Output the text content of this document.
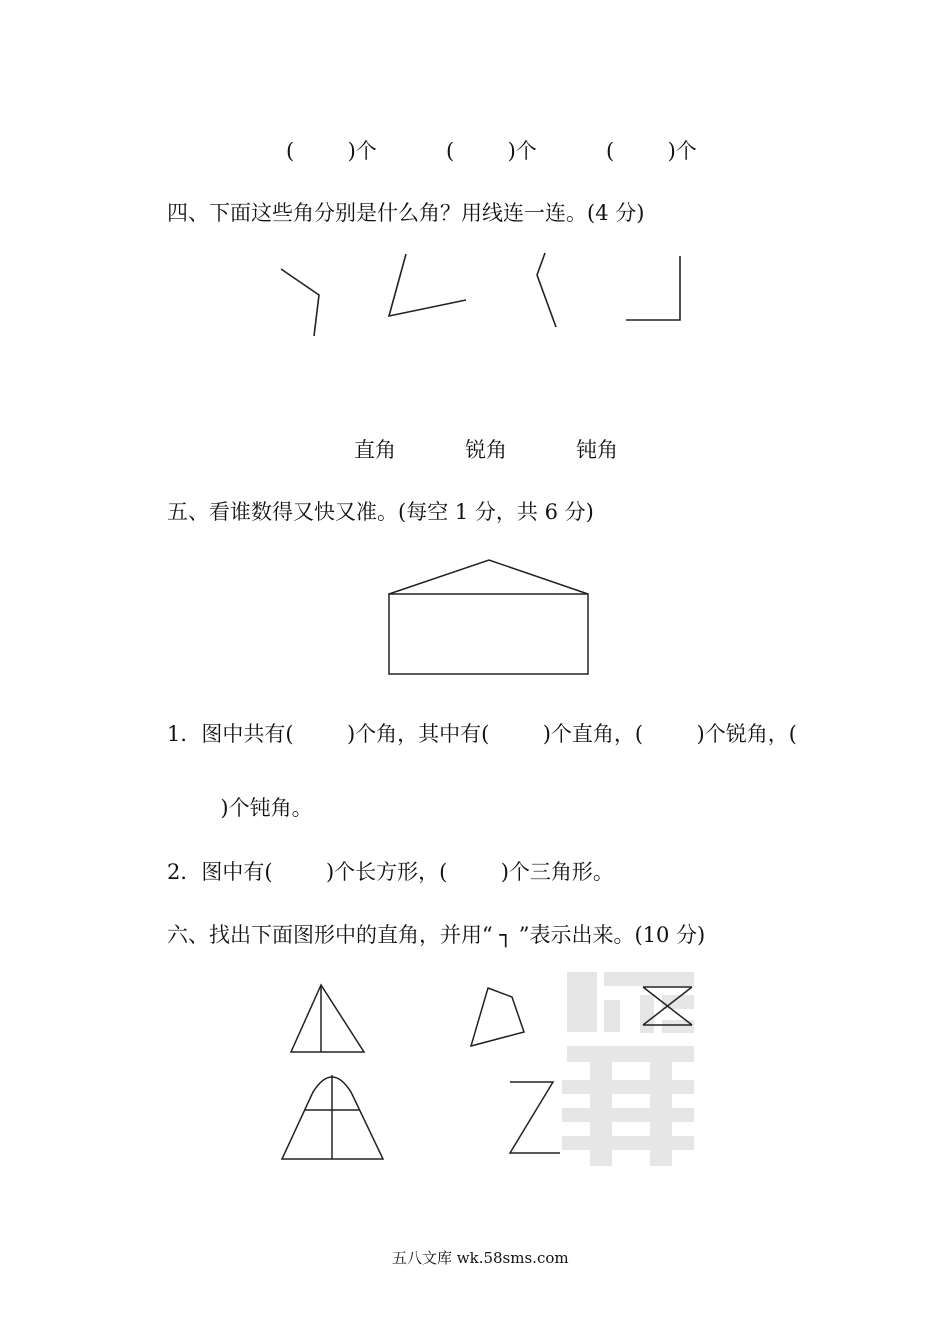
(        )个	(        )个	(        )个
四、下面这些角分别是什么角？用线连一连。(4 分)
直角	锐角	钝角
五、看谁数得又快又准。(每空 1 分，共 6 分)
1．图中共有(        )个角，其中有(        )个直角，(        )个锐角，(
)个钝角。
2．图中有(        )个长方形，(        )个三角形。
六、找出下面图形中的直角，并用“ ┐ ”表示出来。(10 分)
五八文库 wk.58sms.com
